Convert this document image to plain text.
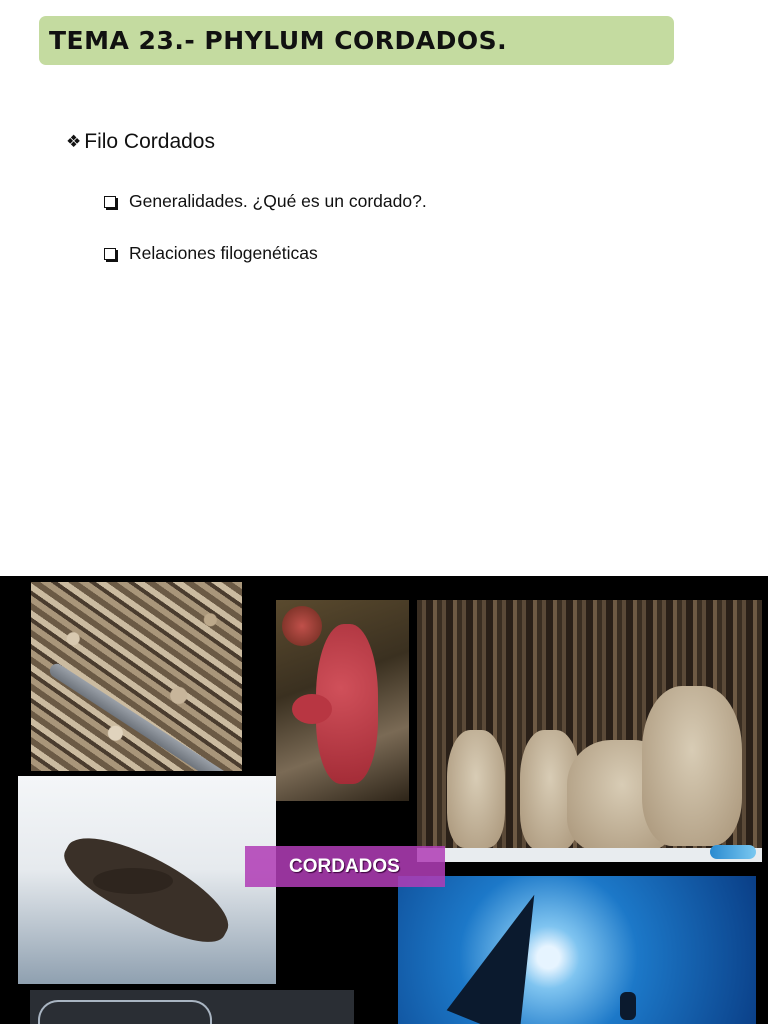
TEMA 23.- PHYLUM CORDADOS.
❖ Filo Cordados
Generalidades. ¿Qué es un cordado?.
Relaciones filogenéticas
CORDADOS
